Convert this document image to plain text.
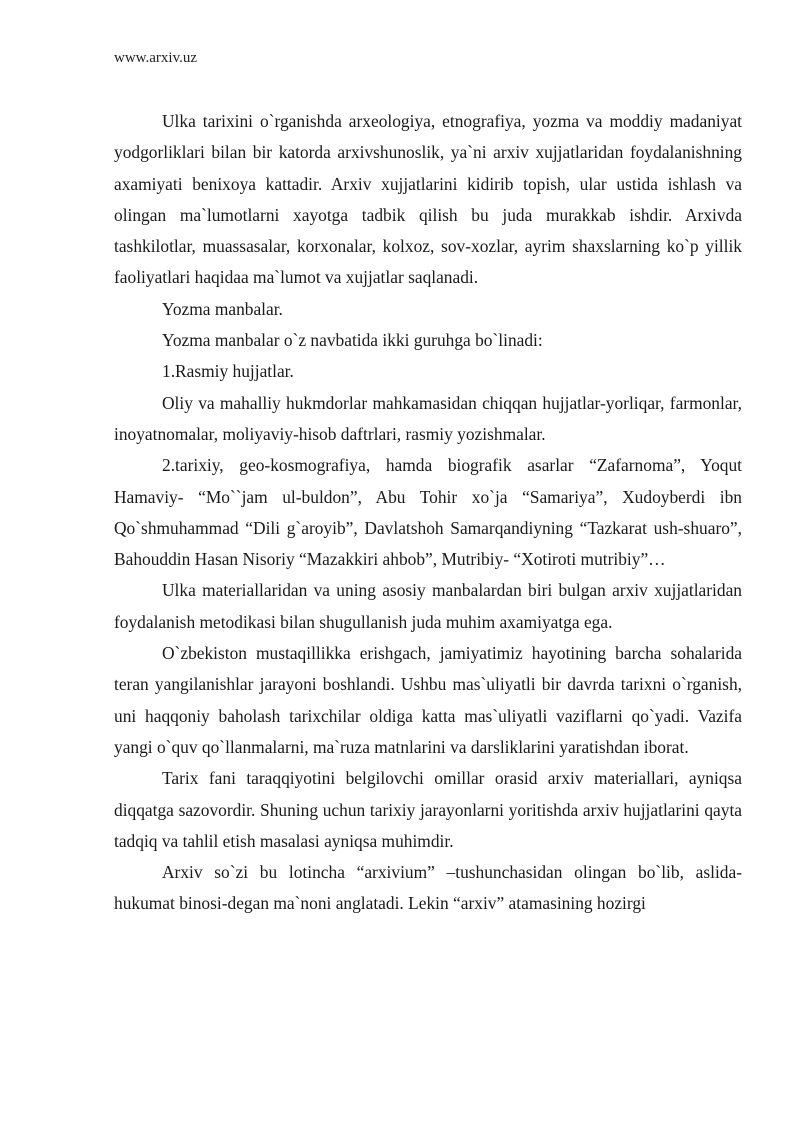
www.arxiv.uz

Ulka tarixini o`rganishda arxeologiya, etnografiya, yozma va moddiy madaniyat yodgorliklari bilan bir katorda arxivshunoslik, ya`ni arxiv xujjatlaridan foydalanishning axamiyati benixoya kattadir. Arxiv xujjatlarini kidirib topish, ular ustida ishlash va olingan ma`lumotlarni xayotga tadbik qilish bu juda murakkab ishdir. Arxivda tashkilotlar, muassasalar, korxonalar, kolxoz, sov-xozlar, ayrim shaxslarning ko`p yillik faoliyatlari haqidaa ma`lumot va xujjatlar saqlanadi.

Yozma manbalar.

Yozma manbalar o`z navbatida ikki guruhga bo`linadi:

1.Rasmiy hujjatlar.

Oliy va mahalliy hukmdorlar mahkamasidan chiqqan hujjatlar-yorliqar, farmonlar, inoyatnomalar, moliyaviy-hisob daftrlari, rasmiy yozishmalar.

2.tarixiy, geo-kosmografiya, hamda biografik asarlar “Zafarnoma”, Yoqut Hamaviy- “Mo``jam ul-buldon”, Abu Tohir xo`ja “Samariya”, Xudoyberdi ibn Qo`shmuhammad “Dili g`aroyib”, Davlatshoh Samarqandiyning “Tazkarat ush-shuaro”, Bahouddin Hasan Nisoriy “Mazakkiri ahbob”, Mutribiy- “Xotiroti mutribiy”…

Ulka materiallaridan va uning asosiy manbalardan biri bulgan arxiv xujjatlaridan foydalanish metodikasi bilan shugullanish juda muhim axamiyatga ega.

O`zbekiston mustaqillikka erishgach, jamiyatimiz hayotining barcha sohalarida teran yangilanishlar jarayoni boshlandi. Ushbu mas`uliyatli bir davrda tarixni o`rganish, uni haqqoniy baholash tarixchilar oldiga katta mas`uliyatli vaziflarni qo`yadi. Vazifa yangi o`quv qo`llanmalarni, ma`ruza matnlarini va darsliklarini yaratishdan iborat.

Tarix fani taraqqiyotini belgilovchi omillar orasid arxiv materiallari, ayniqsa diqqatga sazovordir. Shuning uchun tarixiy jarayonlarni yoritishda arxiv hujjatlarini qayta tadqiq va tahlil etish masalasi ayniqsa muhimdir.

Arxiv so`zi bu lotincha “arxivium” –tushunchasidan olingan bo`lib, aslida-hukumat binosi-degan ma`noni anglatadi. Lekin “arxiv” atamasining hozirgi
